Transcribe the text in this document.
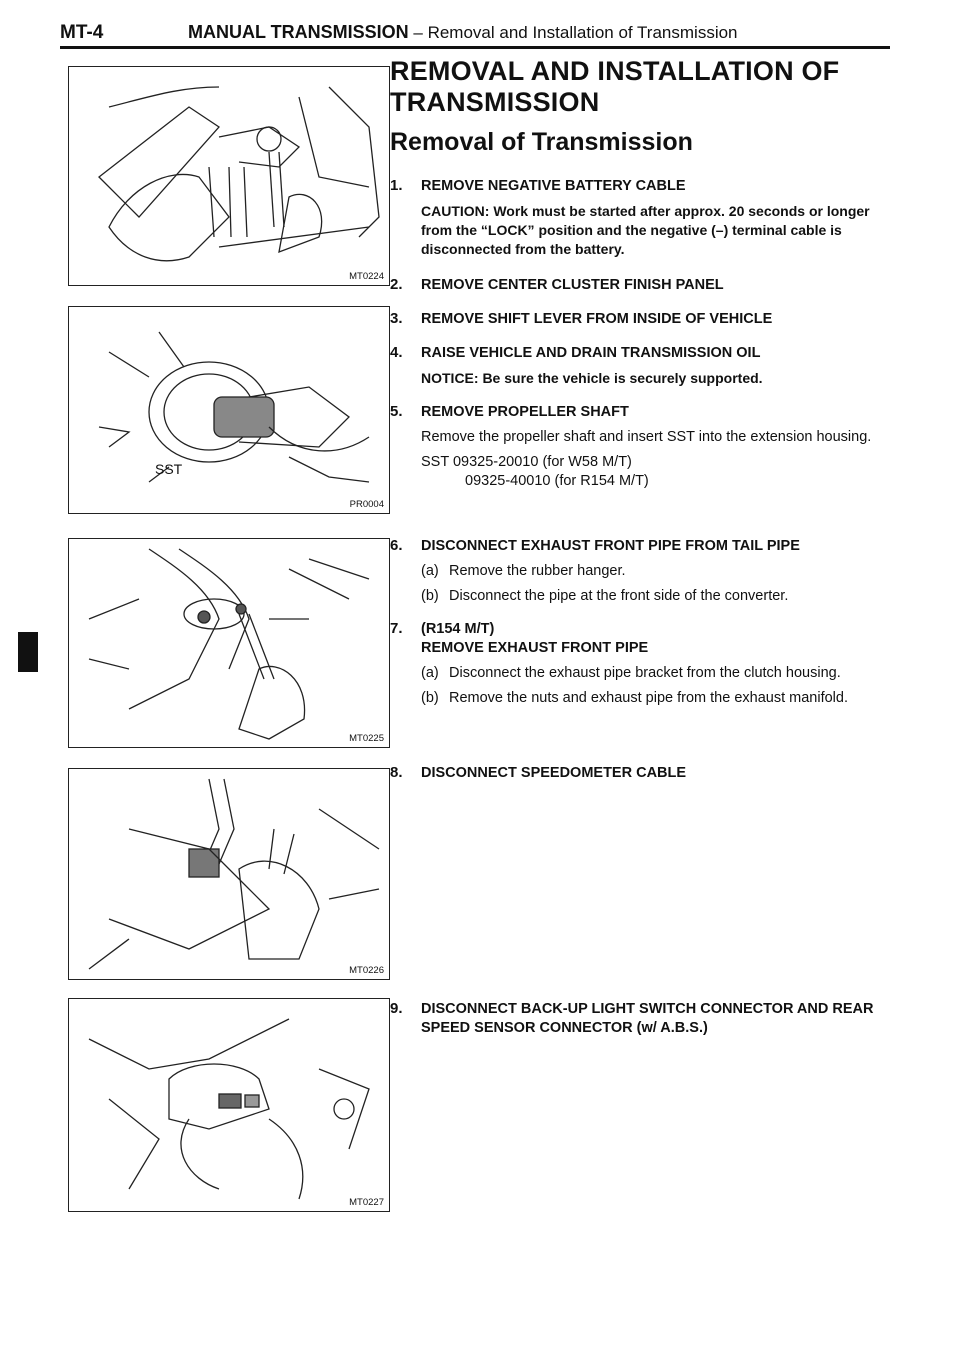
MT-4	MANUAL TRANSMISSION – Removal and Installation of Transmission
MT0224
SST
PR0004
MT0225
MT0226
MT0227
REMOVAL AND INSTALLATION OF TRANSMISSION
Removal of Transmission
1. REMOVE NEGATIVE BATTERY CABLE
CAUTION: Work must be started after approx. 20 seconds or longer from the “LOCK” position and the negative (–) terminal cable is disconnected from the battery.
2. REMOVE CENTER CLUSTER FINISH PANEL
3. REMOVE SHIFT LEVER FROM INSIDE OF VEHICLE
4. RAISE VEHICLE AND DRAIN TRANSMISSION OIL
NOTICE: Be sure the vehicle is securely supported.
5. REMOVE PROPELLER SHAFT
Remove the propeller shaft and insert SST into the extension housing.
SST 09325-20010 (for W58 M/T)
09325-40010 (for R154 M/T)
6. DISCONNECT EXHAUST FRONT PIPE FROM TAIL PIPE
(a) Remove the rubber hanger.
(b) Disconnect the pipe at the front side of the converter.
7. (R154 M/T)
REMOVE EXHAUST FRONT PIPE
(a) Disconnect the exhaust pipe bracket from the clutch housing.
(b) Remove the nuts and exhaust pipe from the exhaust manifold.
8. DISCONNECT SPEEDOMETER CABLE
9. DISCONNECT BACK-UP LIGHT SWITCH CONNECTOR AND REAR SPEED SENSOR CONNECTOR (w/ A.B.S.)
